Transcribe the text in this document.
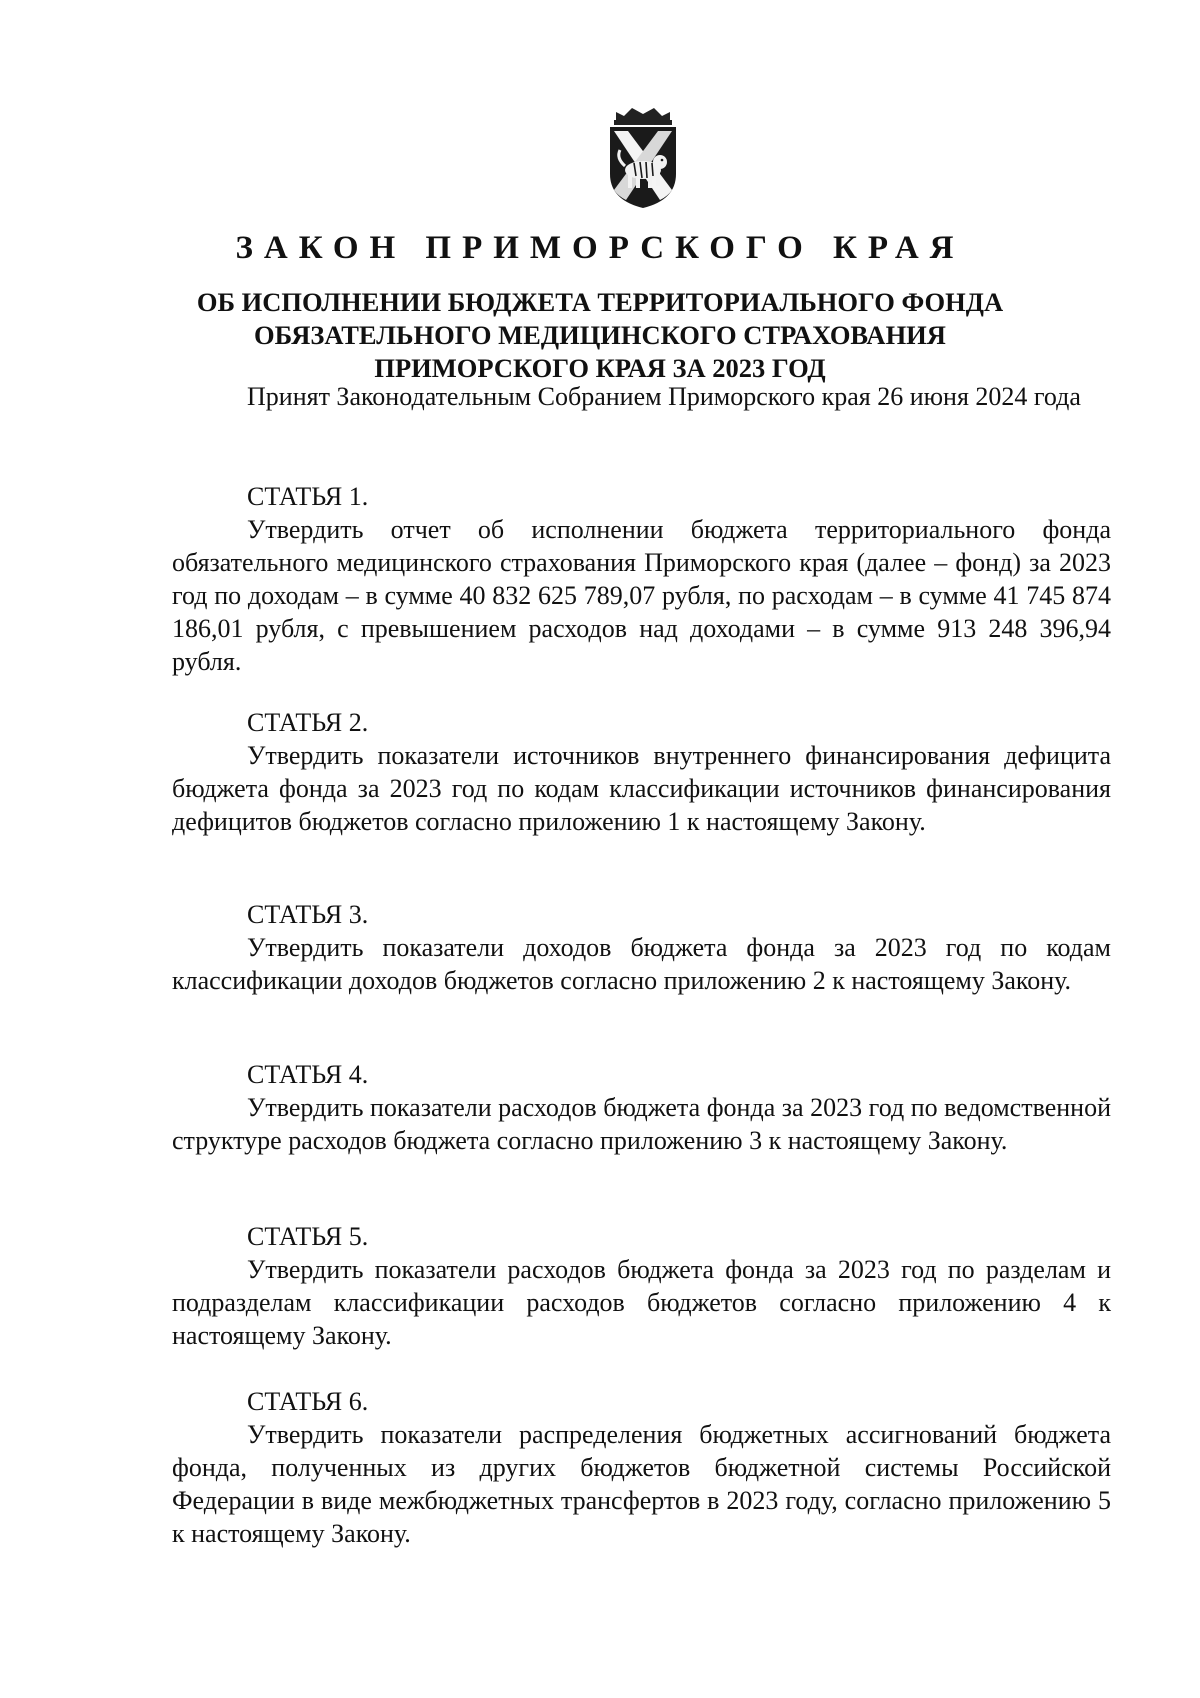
ЗАКОН ПРИМОРСКОГО КРАЯ
ОБ ИСПОЛНЕНИИ БЮДЖЕТА ТЕРРИТОРИАЛЬНОГО ФОНДА
ОБЯЗАТЕЛЬНОГО МЕДИЦИНСКОГО СТРАХОВАНИЯ
ПРИМОРСКОГО КРАЯ ЗА 2023 ГОД

Принят Законодательным Собранием Приморского края 26 июня 2024 года

СТАТЬЯ 1.

Утвердить отчет об исполнении бюджета территориального фонда обязательного медицинского страхования Приморского края (далее – фонд) за 2023 год по доходам – в сумме 40 832 625 789,07 рубля, по расходам – в сумме 41 745 874 186,01 рубля, с превышением расходов над доходами – в сумме 913 248 396,94 рубля.

СТАТЬЯ 2.

Утвердить показатели источников внутреннего финансирования дефицита бюджета фонда за 2023 год по кодам классификации источников финансирования дефицитов бюджетов согласно приложению 1 к настоящему Закону.

СТАТЬЯ 3.

Утвердить показатели доходов бюджета фонда за 2023 год по кодам классификации доходов бюджетов согласно приложению 2 к настоящему Закону.

СТАТЬЯ 4.

Утвердить показатели расходов бюджета фонда за 2023 год по ведомственной структуре расходов бюджета согласно приложению 3 к настоящему Закону.

СТАТЬЯ 5.

Утвердить показатели расходов бюджета фонда за 2023 год по разделам и подразделам классификации расходов бюджетов согласно приложению 4 к настоящему Закону.

СТАТЬЯ 6.

Утвердить показатели распределения бюджетных ассигнований бюджета фонда, полученных из других бюджетов бюджетной системы Российской Федерации в виде межбюджетных трансфертов в 2023 году, согласно приложению 5 к настоящему Закону.
